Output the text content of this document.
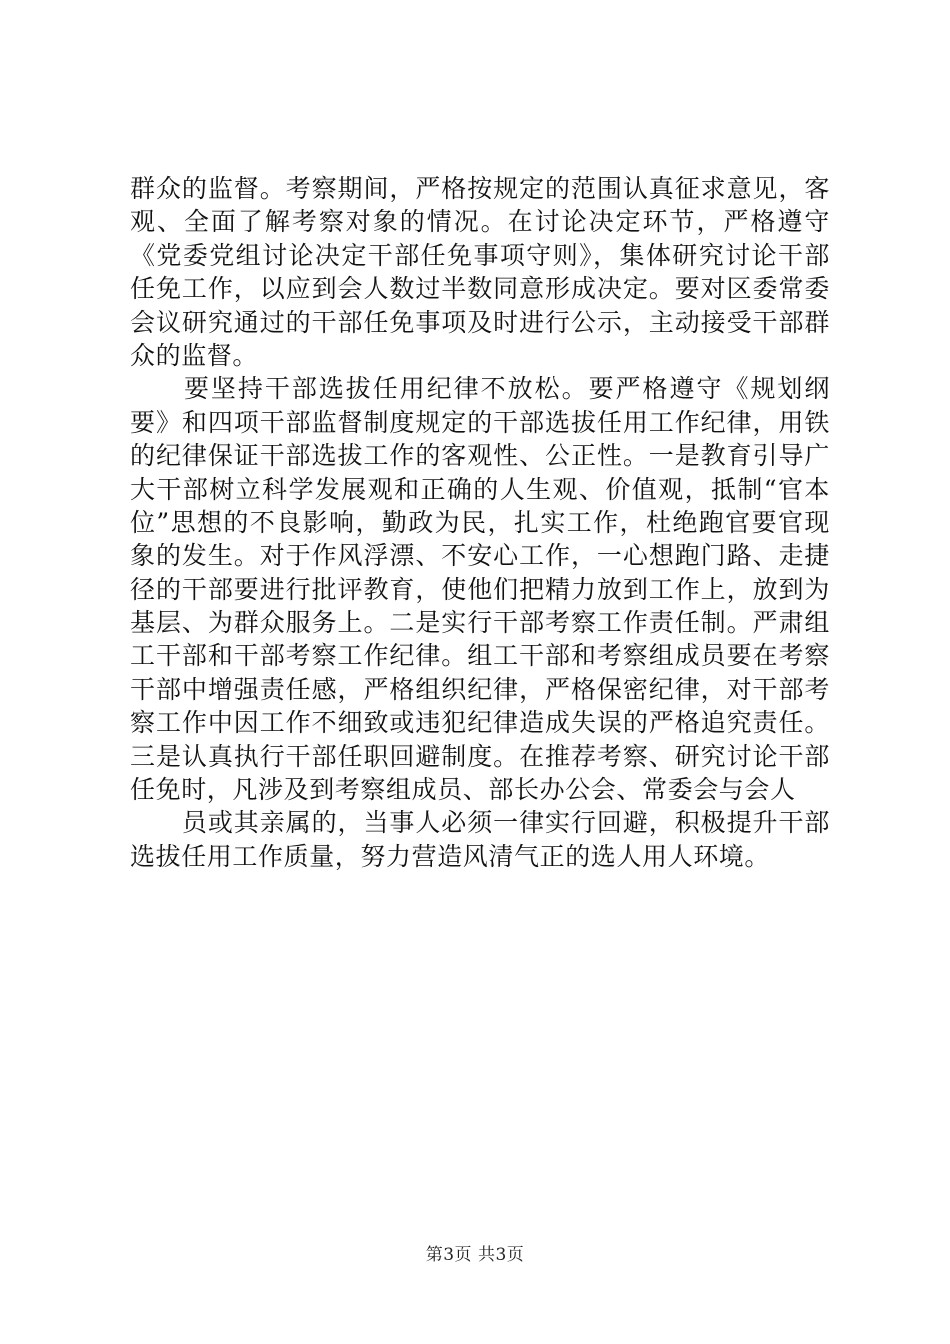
群众的监督。考察期间，严格按规定的范围认真征求意见，客
观、全面了解考察对象的情况。在讨论决定环节，严格遵守
《党委党组讨论决定干部任免事项守则》，集体研究讨论干部
任免工作，以应到会人数过半数同意形成决定。要对区委常委
会议研究通过的干部任免事项及时进行公示，主动接受干部群
众的监督。
　　要坚持干部选拔任用纪律不放松。要严格遵守《规划纲
要》和四项干部监督制度规定的干部选拔任用工作纪律，用铁
的纪律保证干部选拔工作的客观性、公正性。一是教育引导广
大干部树立科学发展观和正确的人生观、价值观，抵制“官本
位”思想的不良影响，勤政为民，扎实工作，杜绝跑官要官现
象的发生。对于作风浮漂、不安心工作，一心想跑门路、走捷
径的干部要进行批评教育，使他们把精力放到工作上，放到为
基层、为群众服务上。二是实行干部考察工作责任制。严肃组
工干部和干部考察工作纪律。组工干部和考察组成员要在考察
干部中增强责任感，严格组织纪律，严格保密纪律，对干部考
察工作中因工作不细致或违犯纪律造成失误的严格追究责任。
三是认真执行干部任职回避制度。在推荐考察、研究讨论干部
任免时，凡涉及到考察组成员、部长办公会、常委会与会人
　　员或其亲属的，当事人必须一律实行回避，积极提升干部
选拔任用工作质量，努力营造风清气正的选人用人环境。
第3页 共3页
